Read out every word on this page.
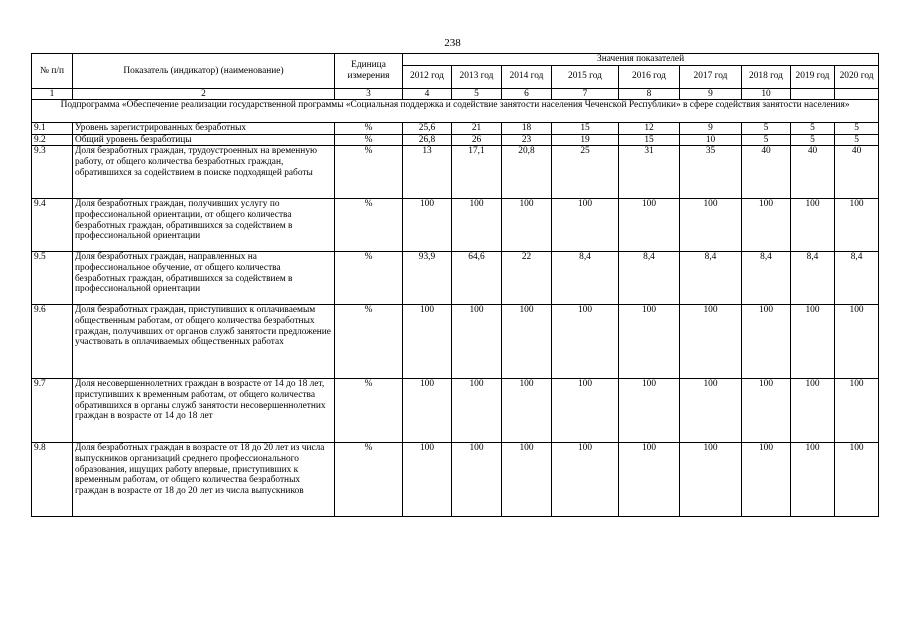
238
№ п/п	Показатель (индикатор) (наименование)	Единица измерения	Значения показателей								
			2012 год	2013 год	2014 год	2015 год	2016 год	2017 год	2018 год	2019 год	2020 год
1	2	3	4	5	6	7	8	9	10		
Подпрограмма «Обеспечение реализации государственной программы «Социальная поддержка и содействие занятости населения Чеченской Республики» в сфере содействия занятости населения»											
9.1	Уровень зарегистрированных безработных	%	25,6	21	18	15	12	9	5	5	5
9.2	Общий уровень безработицы	%	26,8	26	23	19	15	10	5	5	5
9.3	Доля безработных граждан, трудоустроенных на временную работу, от общего количества безработных граждан, обратившихся за содействием в поиске подходящей работы	%	13	17,1	20,8	25	31	35	40	40	40
9.4	Доля безработных граждан, получивших услугу по профессиональной ориентации, от общего количества безработных граждан, обратившихся за содействием в профессиональной ориентации	%	100	100	100	100	100	100	100	100	100
9.5	Доля безработных граждан, направленных на профессиональное обучение, от общего количества безработных граждан, обратившихся за содействием в профессиональной ориентации	%	93,9	64,6	22	8,4	8,4	8,4	8,4	8,4	8,4
9.6	Доля безработных граждан, приступивших к оплачиваемым общественным работам, от общего количества безработных граждан, получивших от органов служб занятости предложение участвовать в оплачиваемых общественных работах	%	100	100	100	100	100	100	100	100	100
9.7	Доля несовершеннолетних граждан в возрасте от 14 до 18 лет, приступивших к временным работам, от общего количества обратившихся в органы служб занятости несовершеннолетних граждан в возрасте от 14 до 18 лет	%	100	100	100	100	100	100	100	100	100
9.8	Доля безработных граждан в возрасте от 18 до 20 лет из числа выпускников организаций среднего профессионального образования, ищущих работу впервые, приступивших к временным работам, от общего количества безработных граждан в возрасте от 18 до 20 лет из числа выпускников	%	100	100	100	100	100	100	100	100	100
